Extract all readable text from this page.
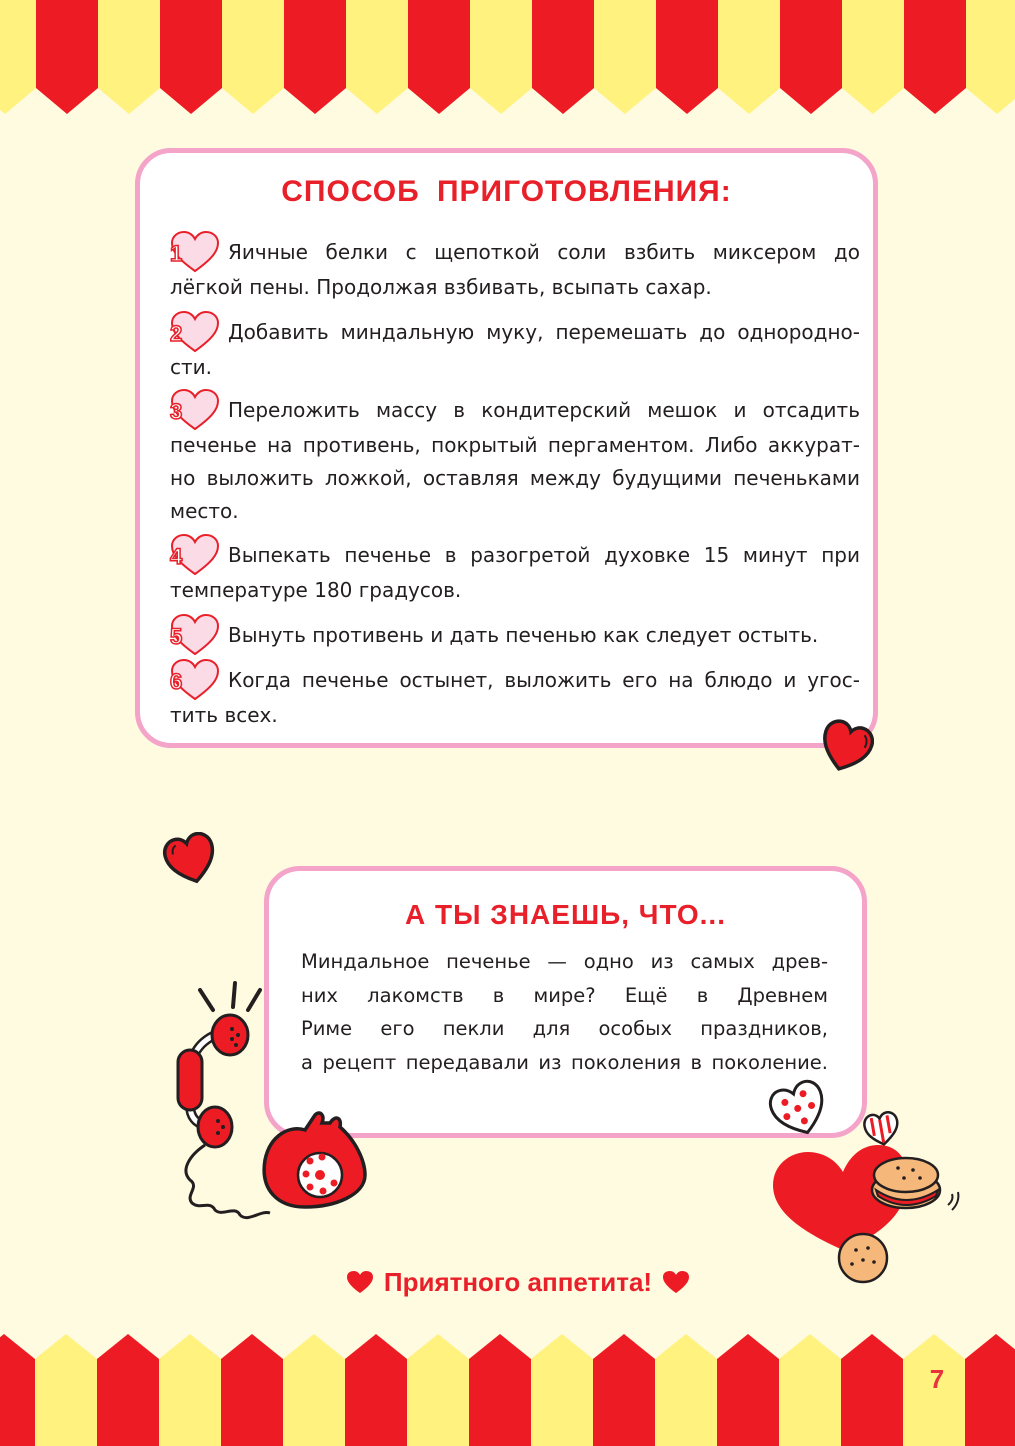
СПОСОБ ПРИГОТОВЛЕНИЯ:
1	Яичные белки с щепоткой соли взбить миксером до лёгкой пены. Продолжая взбивать, всыпать сахар.
2	Добавить миндальную муку, перемешать до однородно-сти.
3	Переложить массу в кондитерский мешок и отсадить печенье на противень, покрытый пергаментом. Либо аккурат-но выложить ложкой, оставляя между будущими печеньками место.
4	Выпекать печенье в разогретой духовке 15 минут при температуре 180 градусов.
5	Вынуть противень и дать печенью как следует остыть.
6	Когда печенье остынет, выложить его на блюдо и угос-тить всех.
А ТЫ ЗНАЕШЬ, ЧТО...
Миндальное печенье — одно из самых древ-
них лакомств в мире? Ещё в Древнем
Риме его пекли для особых праздников,
а рецепт передавали из поколения в поколение.
Приятного аппетита!
7
